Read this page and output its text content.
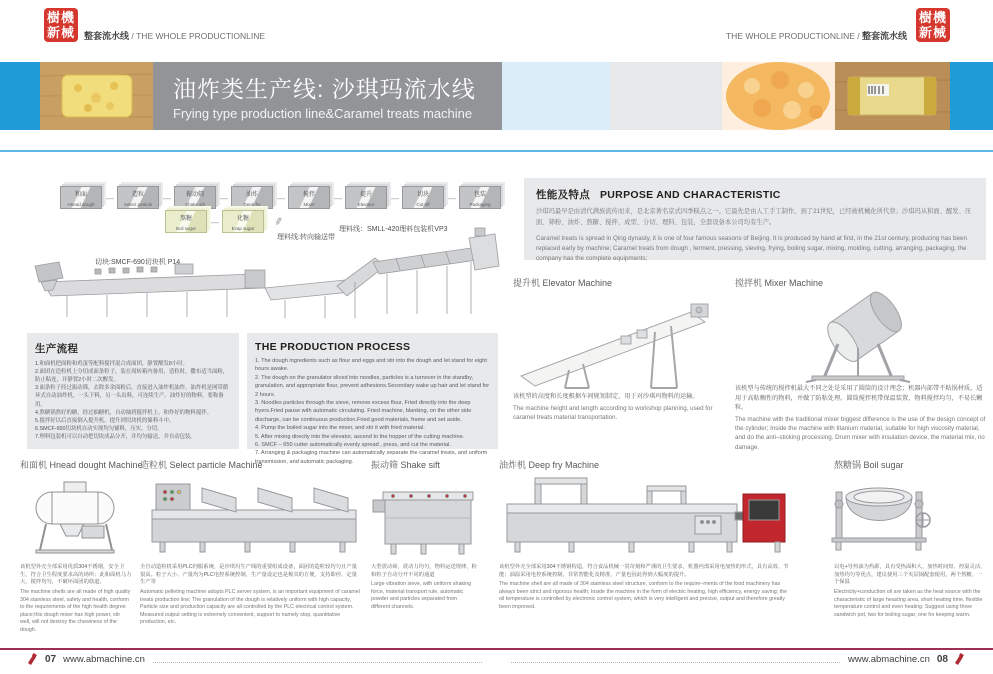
樹機新械 整套流水线 / THE WHOLE PRODUCTIONLINE	THE WHOLE PRODUCTIONLINE / 整套流水线
樹機新械
油炸类生产线: 沙琪玛流水线
Frying type production line&Caramel treats machine
和面
Hnead dough
—	造粒
Select particle
—	振动筛
Shake sift
—	油炸
Deep fry
—	搅拌
Mixer
—	提升
Elevator
—	切块
Cut off
—	包装
Packaging
熬糖
Boil sugar
—	化糖
Evap sugar
✎
切块:SMCF-690切块机 P14
理料线:转向输送带
理料线：SMLL-420理料包装机VP3
生产流程
1.和面机把面粉和鸡蛋等配料搅拌混合成面团，静置醒发8小时。
2.面团在造粒机上分切成面条粒子，装在周转箱内备用，造粒时，撒布适当面粉，防止粘连，并静置2小时二次醒发。
3.面条粒子经过振动筛，去除多余面粉后，直接进入油炸机油炸。油炸机是网带循环式自动油炸机，一头下料，另一头出料，可连续生产。油炸好的物料，要称备用。
4.熬糖锅熬好的糖，经过抽糖机，自动抽到搅拌机上，和炸好的物料搅拌。
5.搅拌好以后直接倒入提升机，提升到切块机的储料斗中。
6.SMCF-650切块机自动实现均匀铺料，压实，分切。
7.理料包装机可以自动把切块成品分开，并均匀输送，并自动包装。
THE PRODUCTION PROCESS
1. The dough ingredients such as flour and eggs and stir into the dough and let stand for eight hours awake.
2. The dough on the granulator sliced into noodles, particles is a turnover in the standby, granulation, and appropriate flour, prevent adhesions.Secondary wake up hair and let stand for 2 hours.
3. Noodles particles through the sieve, remove excess flour, Fried directly into the deep fryers.Fried pause with automatic circulating. Fried machine, blanking, on the other side discharge, can be continuous production.Fried good materials, frame and set aside.
4. Pump the boiled sugar into the mixer, and stir it with fried material.
5. After mixing directly into the elevator, ascend to the hopper of the cutting machine.
6. SMCF – 650 cutter automatically evenly spread , press, and cut the material.
7. Arranging & packaging machine can automatically separate the caramel treats, and uniform transmission, and automatic packaging.
性能及特点 PURPOSE AND CHARACTERISTIC
沙琪玛最早是由清代满族流传而来，是北京著名京式四季糕点之一。它最先是由人工手工制作，到了21世纪，已经被机械化所代替；沙琪玛从和面、醒发、压面、筛粉、油炸、熬糖、搅拌、成型、分切、理料、包装，全套设备本公司均有生产。
Caramel treats is spread in Qing dynasty, it is one of four famous seasons of Beijing. It is produced by hand at first, in the 21st century, producing has been replaced early by machine; Caramel treats from dough , ferment, pressing, sieving, frying, boiling sugar, mixing, molding, cutting, arranging, packaging, the company has the complete equipments;
提升机 Elevator Machine
该机型的高度和长度根据车间规划制定，用于对沙琪玛物料的运输。
The machine height and length according to workshop planning, used for caramel treats material transportation.
搅拌机 Mixer Machine
该机型与传统的搅拌机最大不同之处是采用了圆筒的设计理念；机器内部带不粘锅材质，适用于高粘稠性的物料，并做了防粘处理。圆筒搅拌机带保温装置，物料搅拌均匀，不易长颗粒。
The machine with the traditional mixer biggest difference is the use of the design concept of the cylinder; Inside the machine with titanium material, suitable for high viscosity material, and do the anti–sticking processing. Drum mixer with insulation device, the material mix, no damage.
和面机 Hnead dought Machine
该机型外壳全部采用优质304不锈钢，安全卫生，符合卫生程度要求高的场所；此和面机马力大，搅拌均匀，不破坏面团的筋道。
The machine shells are all made of high quality 304 stainless steel, safety and health, conform to the requirements of the high health degree place;this dough mixer has high power, stir well, will not destroy the chewiness of the dough.
造粒机 Select particle Machine
全自动造粒机采用PLC伺服系统，是沙琪玛生产线的重要组成设备，面团的造粒较均匀且产量很高。粒子大小、产量均为PLC电控系统控制，生产量设定也是极其的方便，支持即停、定量生产等
Automatic pelleting machine adopts PLC server system, is an important equipment of caramel treats production line; The granulation of the dough is relatively uniform with high capacity, Particle size and production capacity are all controlled by the PLC electrical control system. Measured output setting is extremely convenient, support to namely stop, quantitative production, etc.
振动筛 Shake sift
大型震动筛，震动力均匀，物料运送规律，粉和粒子自动分开不同的通道
Large vibration sieve, with uniform shaking force, material transport rule, automatic powder and particles separated from different channels.
油炸机 Deep fry Machine
该机型外壳全部采用304不锈钢构造，符合食品机械一贯苛刻和严谨的卫生要求，机器内部采用电加热的形式，具有高效、节能；油温采用电控系统控制，非常智能化及精准，产量也因此得到大幅度的提升。
The machine shell are all made of 304 stainless steel structure, conform to the require–ments of the food machinery has always been strict and rigorous health; Inside the machine in the form of electric heating, high efficiency, energy saving; the oil temperature is controlled by electronic control system, which is very intelligent and precise, output and therefore greatly been improved.
熬糖锅 Boil sugar
以电+导热油为热源，具有受热面积大、加热时间短、控温灵活、加热均匀等优点，建议使用三个夹层锅配套使用，两个熬糖，一个保温
Electricity+conduction oil are taken as the heat source with the characteristic of large heasting area, short heating time, flexible temperature control and even heating. Suggest using three sandwich pot, two for boiling sugar, one for keeping warm.
07 www.abmachine.cn	www.abmachine.cn 08
